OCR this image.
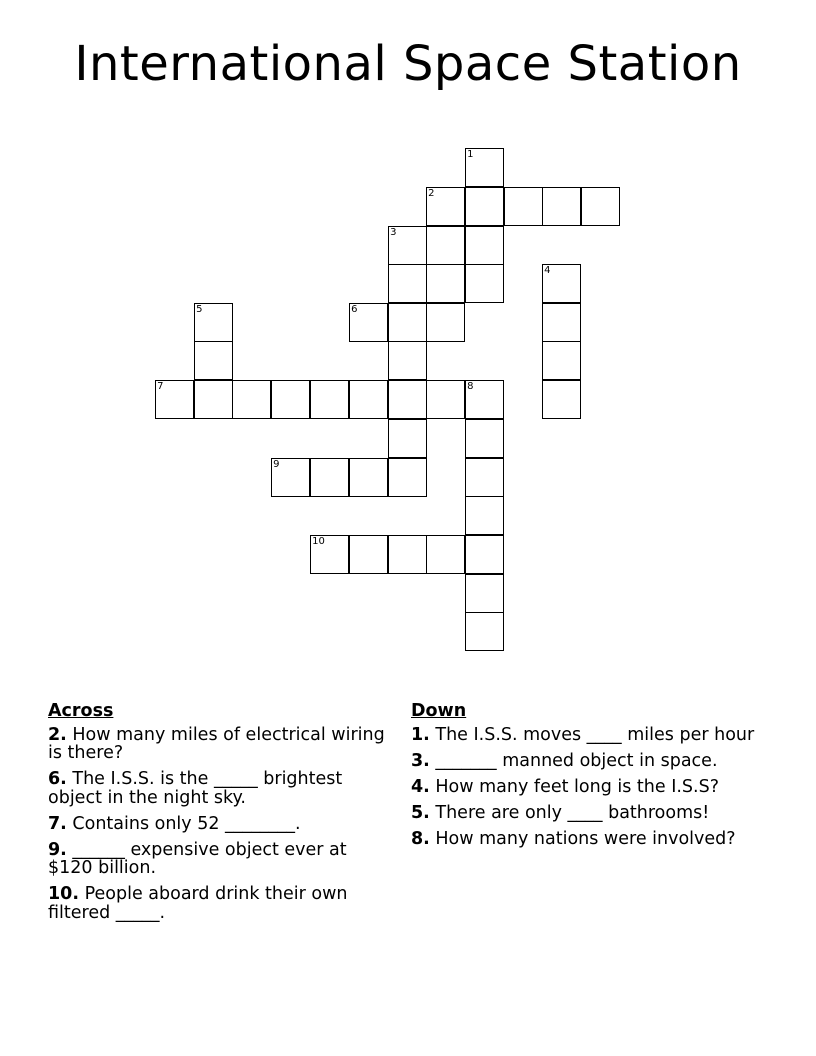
International Space Station
1
2
3
4
5	6
7	8
9
10
Across
2. How many miles of electrical wiring is there?
6. The I.S.S. is the _____ brightest object in the night sky.
7. Contains only 52 ________.
9. ______ expensive object ever at $120 billion.
10. People aboard drink their own filtered _____.
Down
1. The I.S.S. moves ____ miles per hour
3. _______ manned object in space.
4. How many feet long is the I.S.S?
5. There are only ____ bathrooms!
8. How many nations were involved?
